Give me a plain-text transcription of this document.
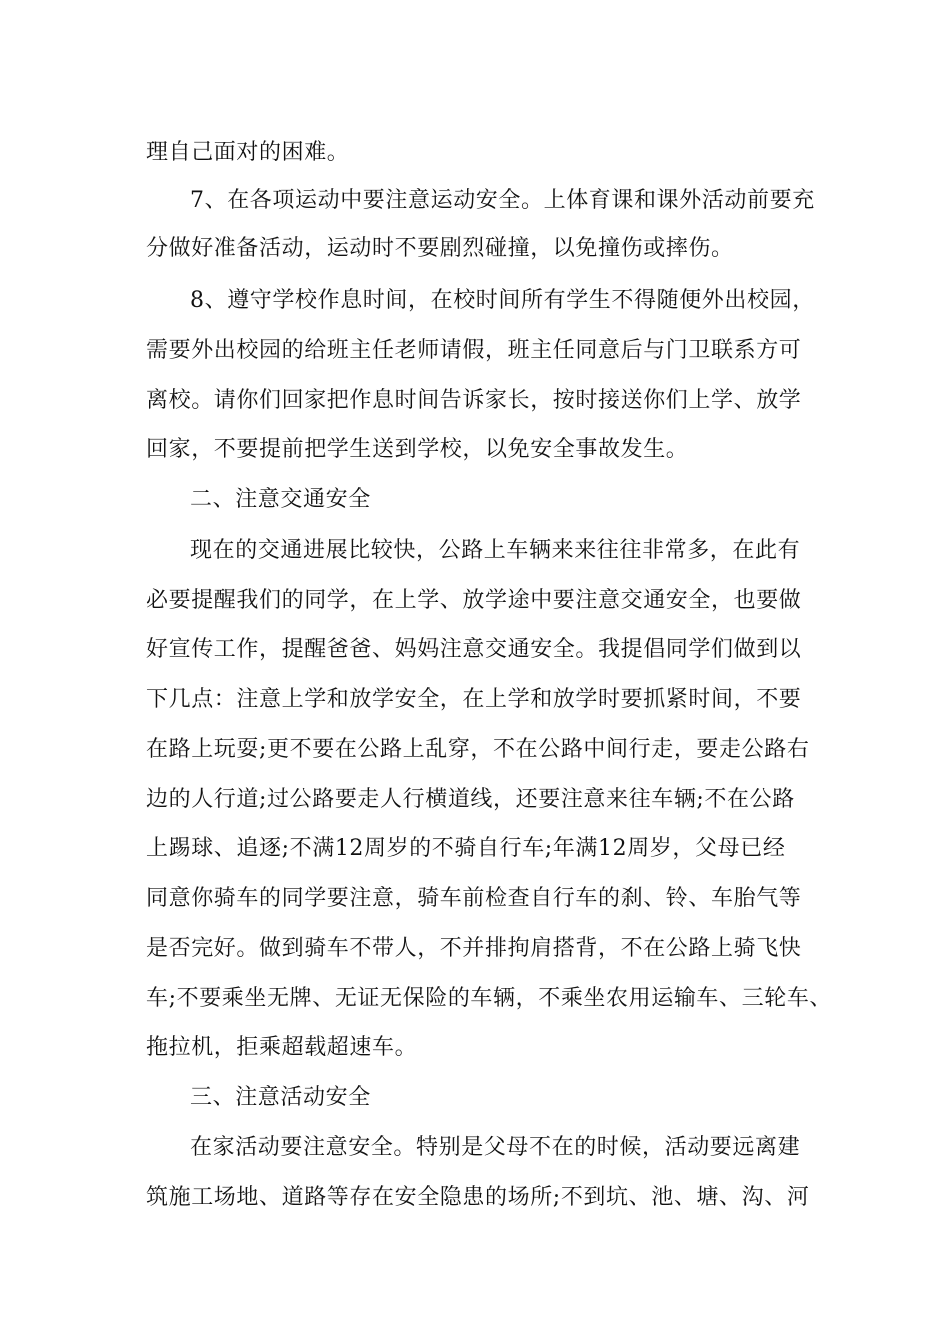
理自己面对的困难。
7、在各项运动中要注意运动安全。上体育课和课外活动前要充
分做好准备活动，运动时不要剧烈碰撞，以免撞伤或摔伤。
8、遵守学校作息时间，在校时间所有学生不得随便外出校园，
需要外出校园的给班主任老师请假，班主任同意后与门卫联系方可
离校。请你们回家把作息时间告诉家长，按时接送你们上学、放学
回家，不要提前把学生送到学校，以免安全事故发生。
二、注意交通安全
现在的交通进展比较快，公路上车辆来来往往非常多，在此有
必要提醒我们的同学，在上学、放学途中要注意交通安全，也要做
好宣传工作，提醒爸爸、妈妈注意交通安全。我提倡同学们做到以
下几点：注意上学和放学安全，在上学和放学时要抓紧时间，不要
在路上玩耍;更不要在公路上乱穿，不在公路中间行走，要走公路右
边的人行道;过公路要走人行横道线，还要注意来往车辆;不在公路
上踢球、追逐;不满12周岁的不骑自行车;年满12周岁，父母已经
同意你骑车的同学要注意，骑车前检查自行车的刹、铃、车胎气等
是否完好。做到骑车不带人，不并排拘肩搭背，不在公路上骑飞快
车;不要乘坐无牌、无证无保险的车辆，不乘坐农用运输车、三轮车、
拖拉机，拒乘超载超速车。
三、注意活动安全
在家活动要注意安全。特别是父母不在的时候，活动要远离建
筑施工场地、道路等存在安全隐患的场所;不到坑、池、塘、沟、河
